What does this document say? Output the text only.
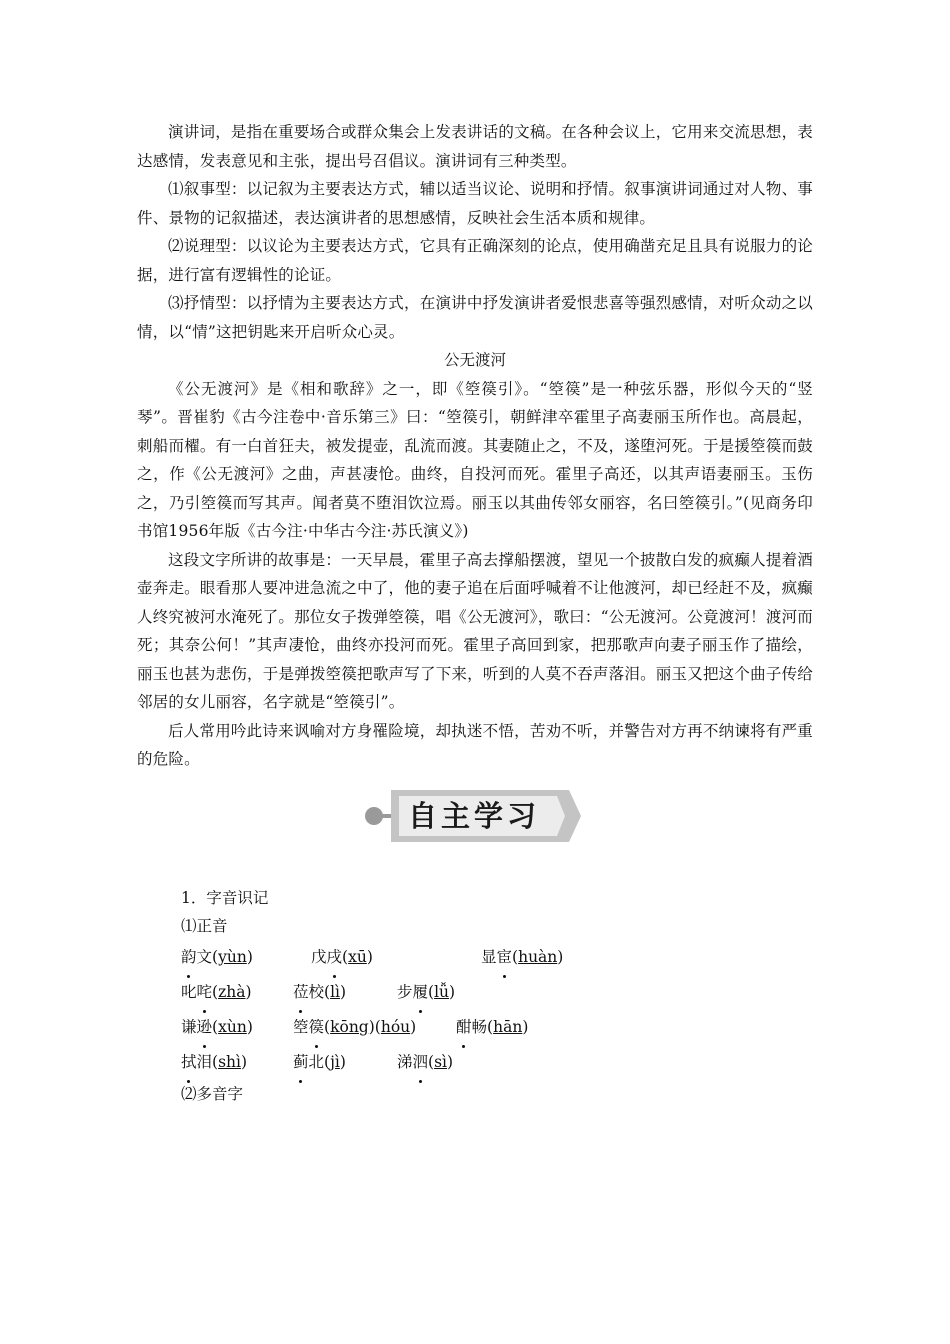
演讲词，是指在重要场合或群众集会上发表讲话的文稿。在各种会议上，它用来交流思想，表达感情，发表意见和主张，提出号召倡议。演讲词有三种类型。

⑴叙事型：以记叙为主要表达方式，辅以适当议论、说明和抒情。叙事演讲词通过对人物、事件、景物的记叙描述，表达演讲者的思想感情，反映社会生活本质和规律。

⑵说理型：以议论为主要表达方式，它具有正确深刻的论点，使用确凿充足且具有说服力的论据，进行富有逻辑性的论证。

⑶抒情型：以抒情为主要表达方式，在演讲中抒发演讲者爱恨悲喜等强烈感情，对听众动之以情，以“情”这把钥匙来开启听众心灵。

公无渡河

《公无渡河》是《相和歌辞》之一，即《箜篌引》。“箜篌”是一种弦乐器，形似今天的“竖琴”。晋崔豹《古今注卷中·音乐第三》曰：“箜篌引，朝鲜津卒霍里子高妻丽玉所作也。高晨起，刺船而櫂。有一白首狂夫，被发提壶，乱流而渡。其妻随止之，不及，遂堕河死。于是援箜篌而鼓之，作《公无渡河》之曲，声甚凄怆。曲终，自投河而死。霍里子高还，以其声语妻丽玉。玉伤之，乃引箜篌而写其声。闻者莫不堕泪饮泣焉。丽玉以其曲传邻女丽容，名曰箜篌引。”(见商务印书馆1956年版《古今注·中华古今注·苏氏演义》)

这段文字所讲的故事是：一天早晨，霍里子高去撑船摆渡，望见一个披散白发的疯癫人提着酒壶奔走。眼看那人要冲进急流之中了，他的妻子追在后面呼喊着不让他渡河，却已经赶不及，疯癫人终究被河水淹死了。那位女子拨弹箜篌，唱《公无渡河》，歌曰：“公无渡河。公竟渡河！渡河而死；其奈公何！”其声凄怆，曲终亦投河而死。霍里子高回到家，把那歌声向妻子丽玉作了描绘，丽玉也甚为悲伤，于是弹拨箜篌把歌声写了下来，听到的人莫不吞声落泪。丽玉又把这个曲子传给邻居的女儿丽容，名字就是“箜篌引”。

后人常用吟此诗来讽喻对方身罹险境，却执迷不悟，苦劝不听，并警告对方再不纳谏将有严重的危险。

自主学习

1．字音识记

⑴正音

韵文(yùn)	戊戌(xū)	显宦(huàn)
叱咤(zhà)	莅校(lì)	步履(lǚ)
谦逊(xùn)	箜篌(kōng)(hóu)	酣畅(hān)
拭泪(shì)	蓟北(jì)	涕泗(sì)

⑵多音字
